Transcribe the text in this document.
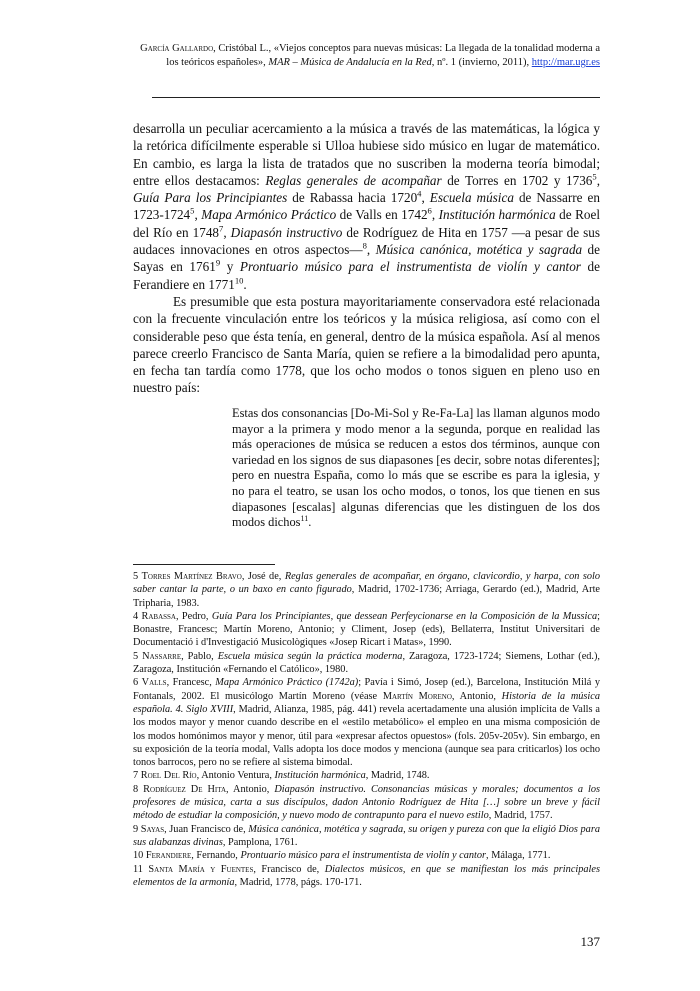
García Gallardo, Cristóbal L., «Viejos conceptos para nuevas músicas: La llegada de la tonalidad moderna a los teóricos españoles», MAR – Música de Andalucía en la Red, nº. 1 (invierno, 2011), http://mar.ugr.es

desarrolla un peculiar acercamiento a la música a través de las matemáticas, la lógica y la retórica difícilmente esperable si Ulloa hubiese sido músico en lugar de matemático. En cambio, es larga la lista de tratados que no suscriben la moderna teoría bimodal; entre ellos destacamos: Reglas generales de acompañar de Torres en 1702 y 1736$^5$, Guía Para los Principiantes de Rabassa hacia 1720$^4$, Escuela música de Nassarre en 1723-1724$^5$, Mapa Armónico Práctico de Valls en 1742$^6$, Institución harmónica de Roel del Río en 1748$^7$, Diapasón instructivo de Rodríguez de Hita en 1757 —a pesar de sus audaces innovaciones en otros aspectos—$^8$, Música canónica, motética y sagrada de Sayas en 1761$^9$ y Prontuario músico para el instrumentista de violín y cantor de Ferandiere en 1771$^{10}$.

Es presumible que esta postura mayoritariamente conservadora esté relacionada con la frecuente vinculación entre los teóricos y la música religiosa, así como con el considerable peso que ésta tenía, en general, dentro de la música española. Así al menos parece creerlo Francisco de Santa María, quien se refiere a la bimodalidad pero apunta, en fecha tan tardía como 1778, que los ocho modos o tonos siguen en pleno uso en nuestro país:

Estas dos consonancias [Do-Mi-Sol y Re-Fa-La] las llaman algunos modo mayor a la primera y modo menor a la segunda, porque en realidad las más operaciones de música se reducen a estos dos términos, aunque con variedad en los signos de sus diapasones [es decir, sobre notas diferentes]; pero en nuestra España, como lo más que se escribe es para la iglesia, y no para el teatro, se usan los ocho modos, o tonos, los que tienen en sus diapasones [escalas] algunas diferencias que les distinguen de los dos modos dichos$^{11}$.

5 Torres Martínez Bravo, José de, Reglas generales de acompañar, en órgano, clavicordio, y harpa, con solo saber cantar la parte, o un baxo en canto figurado, Madrid, 1702-1736; Arriaga, Gerardo (ed.), Madrid, Arte Tripharia, 1983.

4 Rabassa, Pedro, Guía Para los Principiantes, que dessean Perfeycionarse en la Composición de la Mussica; Bonastre, Francesc; Martín Moreno, Antonio; y Climent, Josep (eds), Bellaterra, Institut Universitari de Documentació i d'Investigació Musicològiques «Josep Ricart i Matas», 1990.

5 Nassarre, Pablo, Escuela música según la práctica moderna, Zaragoza, 1723-1724; Siemens, Lothar (ed.), Zaragoza, Institución «Fernando el Católico», 1980.

6 Valls, Francesc, Mapa Armónico Práctico (1742a); Pavía i Simó, Josep (ed.), Barcelona, Institución Milá y Fontanals, 2002. El musicólogo Martín Moreno (véase Martín Moreno, Antonio, Historia de la música española. 4. Siglo XVIII, Madrid, Alianza, 1985, pág. 441) revela acertadamente una alusión implícita de Valls a los modos mayor y menor cuando describe en el «estilo metabólico» el empleo en una misma composición de los modos homónimos mayor y menor, útil para «expresar afectos opuestos» (fols. 205v-205v). Sin embargo, en su exposición de la teoría modal, Valls adopta los doce modos y menciona (aunque sea para criticarlos) los ocho tonos barrocos, pero no se refiere al sistema bimodal.

7 Roel Del Río, Antonio Ventura, Institución harmónica, Madrid, 1748.

8 Rodríguez De Hita, Antonio, Diapasón instructivo. Consonancias músicas y morales; documentos a los profesores de música, carta a sus discípulos, dadon Antonio Rodríguez de Hita […] sobre un breve y fácil método de estudiar la composición, y nuevo modo de contrapunto para el nuevo estilo, Madrid, 1757.

9 Sayas, Juan Francisco de, Música canónica, motética y sagrada, su origen y pureza con que la eligió Dios para sus alabanzas divinas, Pamplona, 1761.

10 Ferandiere, Fernando, Prontuario músico para el instrumentista de violín y cantor, Málaga, 1771.

11 Santa María y Fuentes, Francisco de, Dialectos músicos, en que se manifiestan los más principales elementos de la armonía, Madrid, 1778, págs. 170-171.

137
